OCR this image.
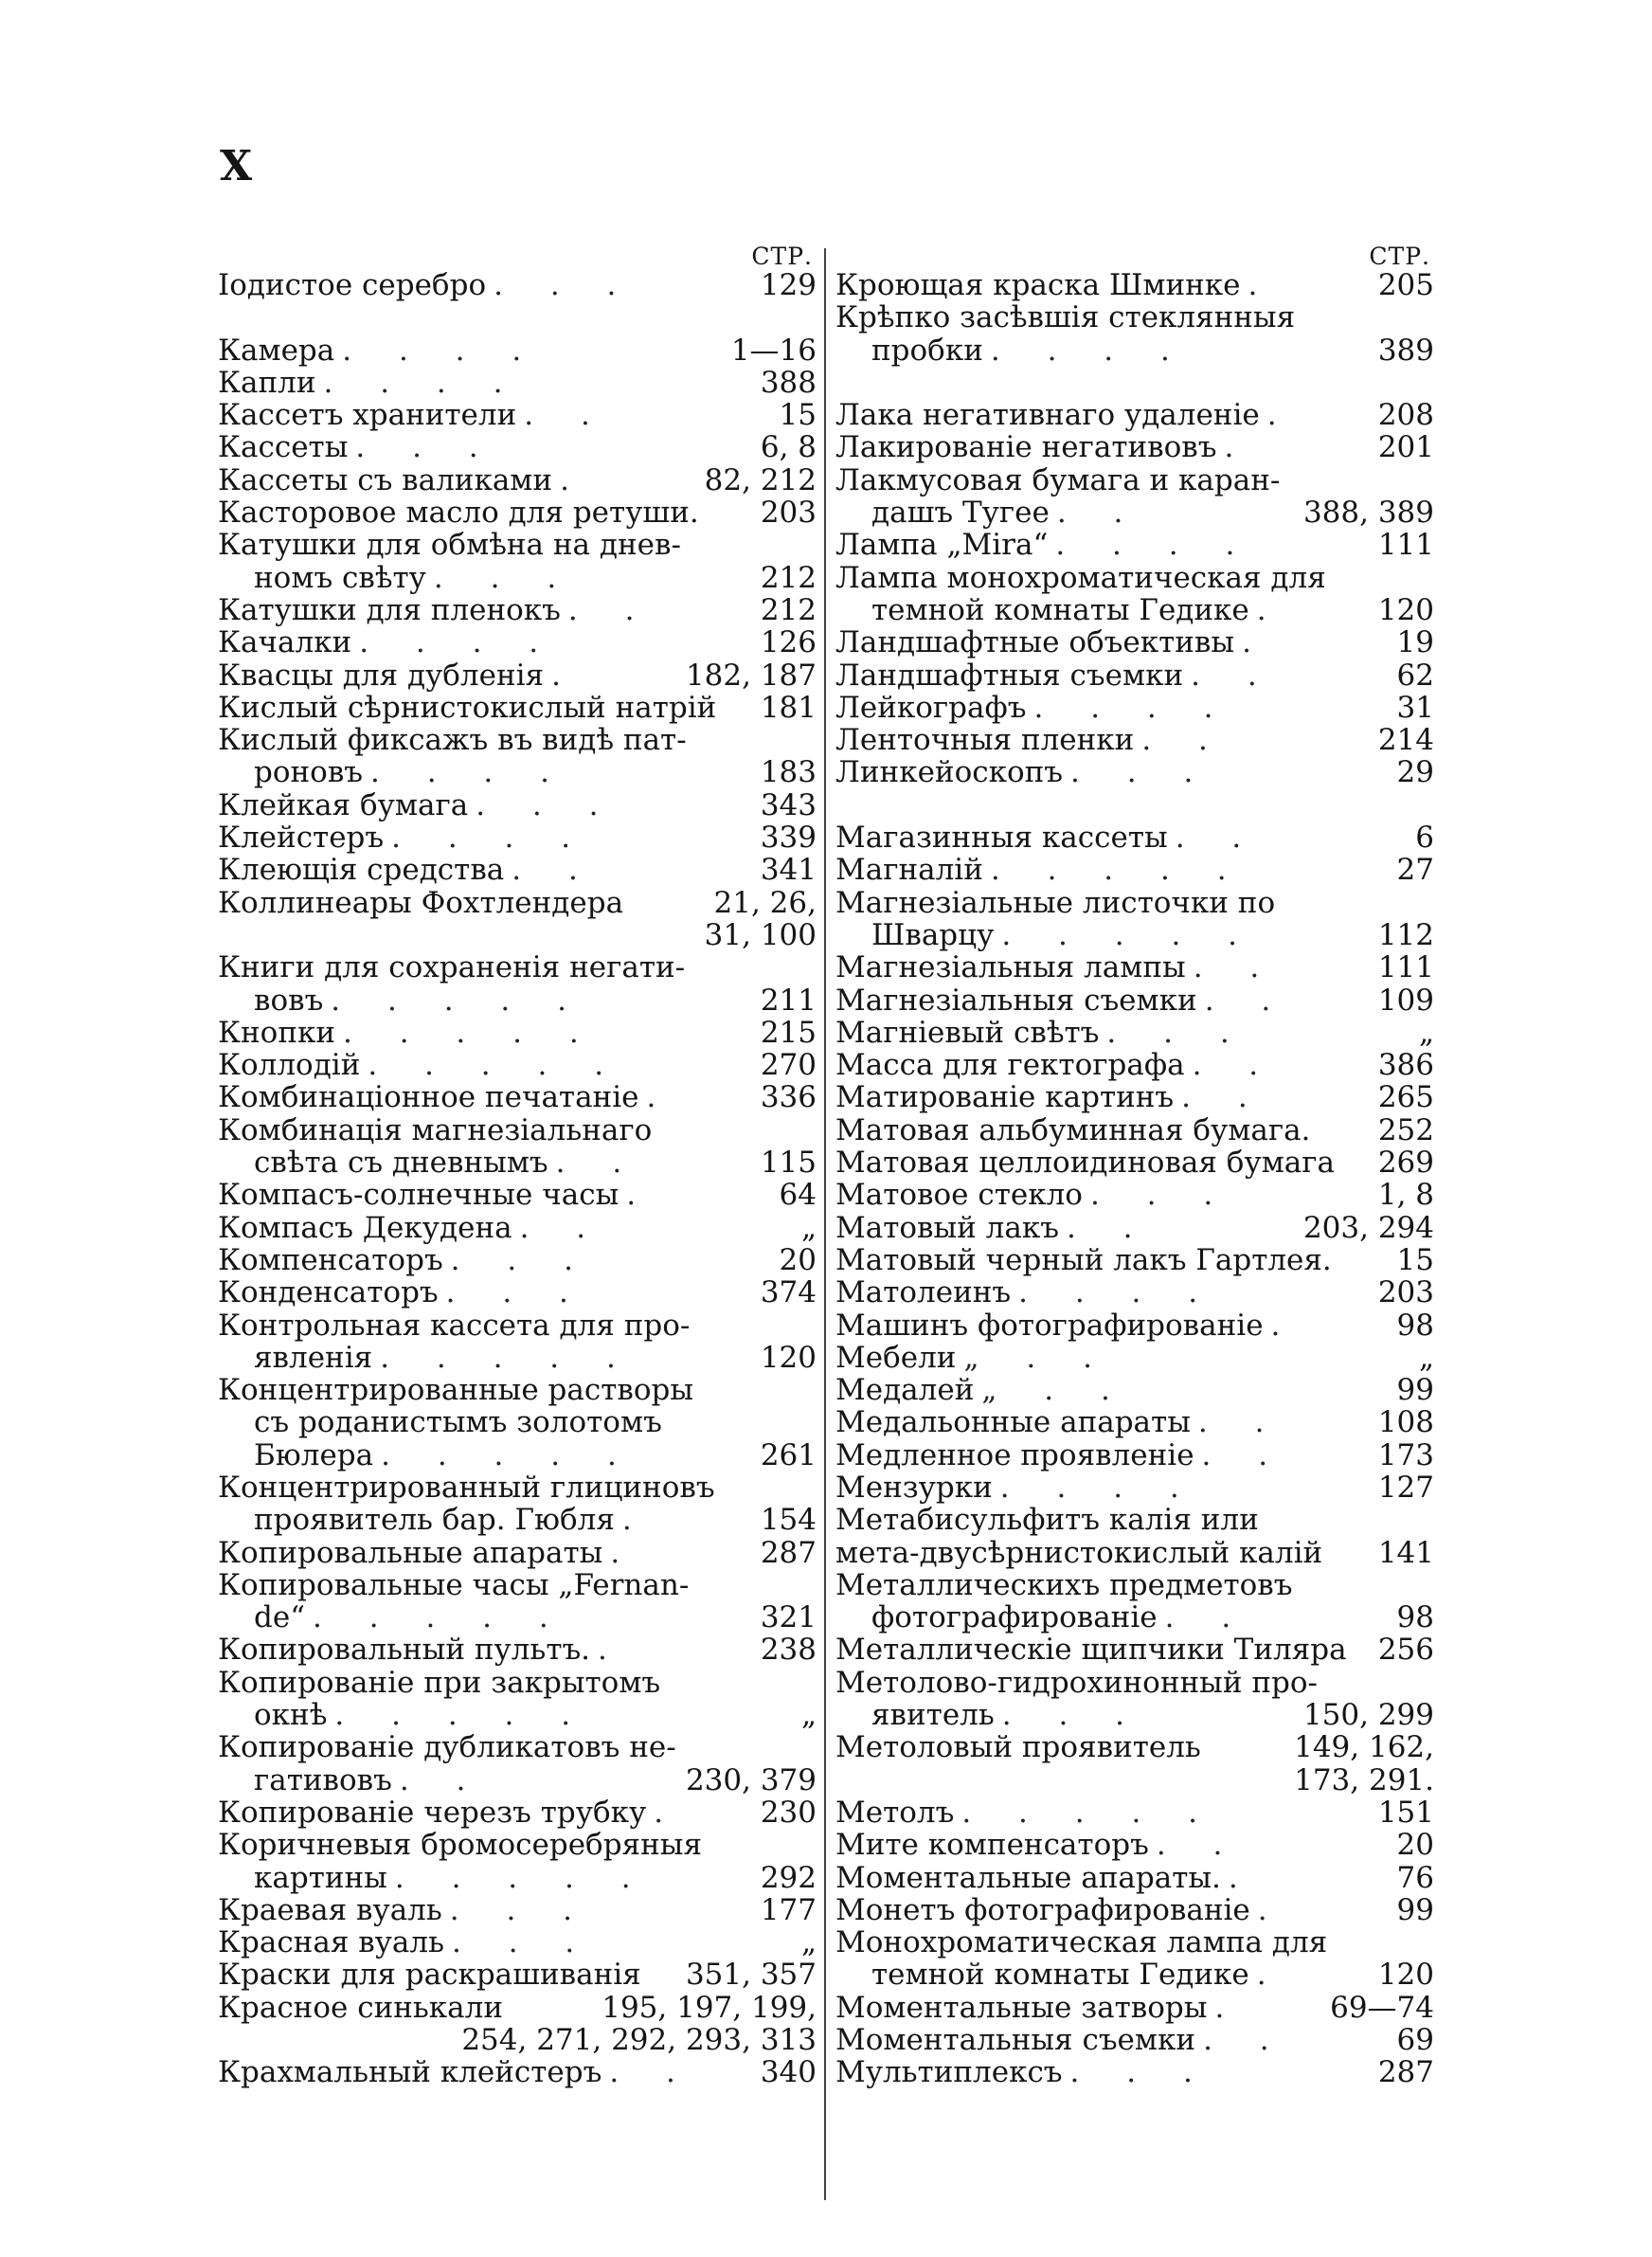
X
СТР.
Іодистое серебро . . .	129
Камера . . . .	1—16
Капли . . . .	388
Кассетъ хранители . .	15
Кассеты . . .	6, 8
Кассеты съ валиками .	82, 212
Касторовое масло для ретуши. 203
Катушки для обмѣна на днев-
номъ свѣту . . .	212
Катушки для пленокъ . .	212
Качалки . . . .	126
Квасцы для дубленія .	182, 187
Кислый сѣрнистокислый натрій 181
Кислый фиксажъ въ видѣ пат-
роновъ . . . .	183
Клейкая бумага . . .	343
Клейстеръ . . . .	339
Клеющія средства . .	341
Коллинеары Фохтлендера	21, 26,
31, 100
Книги для сохраненія негати-
вовъ . . . . .	211
Кнопки . . . . .	215
Коллодій . . . . .	270
Комбинаціонное печатаніе .	336
Комбинація магнезіальнаго
свѣта съ дневнымъ . .	115
Компасъ-солнечные часы .	64
Компасъ Декудена . .	„
Компенсаторъ . . .	20
Конденсаторъ . . .	374
Контрольная кассета для про-
явленія . . . . .	120
Концентрированные растворы
съ роданистымъ золотомъ
Бюлера . . . . .	261
Концентрированный глициновъ
проявитель бар. Гюбля .	154
Копировальные апараты .	287
Копировальные часы „Fernan-
de“ . . . . .	321
Копировальный пультъ. .	238
Копированіе при закрытомъ
окнѣ . . . . .	„
Копированіе дубликатовъ не-
гативовъ . .	230, 379
Копированіе черезъ трубку .	230
Коричневыя бромосеребряныя
картины . . . . .	292
Краевая вуаль . . .	177
Красная вуаль . . .	„
Краски для раскрашиванія 351, 357
Красное синькали	195, 197, 199,
254, 271, 292, 293, 313
Крахмальный клейстеръ . .	340
СТР.
Кроющая краска Шминке .	205
Крѣпко засѣвшія стеклянныя
пробки . . . .	389
Лака негативнаго удаленіе .	208
Лакированіе негативовъ .	201
Лакмусовая бумага и каран-
дашъ Тугее . .	388, 389
Лампа „Mira“ . . . .	111
Лампа монохроматическая для
темной комнаты Гедике .	120
Ландшафтные объективы .	19
Ландшафтныя съемки . .	62
Лейкографъ . . . .	31
Ленточныя пленки . .	214
Линкейоскопъ . . .	29
Магазинныя кассеты . .	6
Магналій . . . . .	27
Магнезіальные листочки по
Шварцу . . . . .	112
Магнезіальныя лампы . .	111
Магнезіальныя съемки . .	109
Магніевый свѣтъ . . .	„
Масса для гектографа . .	386
Матированіе картинъ . .	265
Матовая альбуминная бумага. 252
Матовая целлоидиновая бумага 269
Матовое стекло . . .	1, 8
Матовый лакъ . .	203, 294
Матовый черный лакъ Гартлея. 15
Матолеинъ . . . .	203
Машинъ фотографированіе .	98
Мебели „ . .	„
Медалей „ . .	99
Медальонные апараты . .	108
Медленное проявленіе . .	173
Мензурки . . . .	127
Метабисульфитъ калія или
мета-двусѣрнистокислый калій 141
Металлическихъ предметовъ
фотографированіе . .	98
Металлическіе щипчики Тиляра 256
Метоловo-гидрохинонный про-
явитель . . .	150, 299
Метоловый проявитель	149, 162,
173, 291.
Метолъ . . . . .	151
Мите компенсаторъ . .	20
Моментальные апараты. .	76
Монетъ фотографированіе .	99
Монохроматическая лампа для
темной комнаты Гедике .	120
Моментальные затворы .	69—74
Моментальныя съемки . .	69
Мультиплексъ . . .	287
